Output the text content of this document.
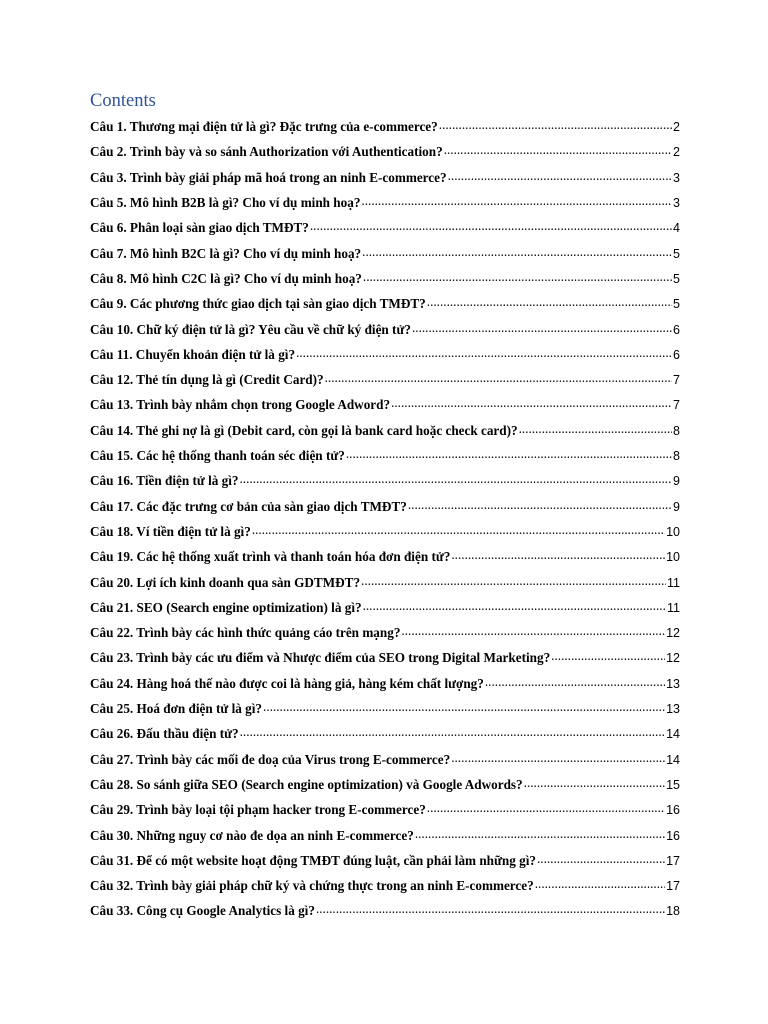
Contents
Câu 1. Thương mại điện tử là gì? Đặc trưng của e-commerce? .....	2
Câu 2. Trình bày và so sánh Authorization với Authentication? .....	2
Câu 3. Trình bày giải pháp mã hoá trong an ninh E-commerce? .....	3
Câu 5. Mô hình B2B là gì? Cho ví dụ minh hoạ? .....	3
Câu 6. Phân loại sàn giao dịch TMĐT? .....	4
Câu 7. Mô hình B2C là gì? Cho ví dụ minh hoạ? .....	5
Câu 8. Mô hình C2C là gì? Cho ví dụ minh hoạ? .....	5
Câu 9. Các phương thức giao dịch tại sàn giao dịch TMĐT? .....	5
Câu 10. Chữ ký điện tử là gì? Yêu cầu về chữ ký điện tử? .....	6
Câu 11. Chuyển khoản điện tử là gì? .....	6
Câu 12. Thẻ tín dụng là gì (Credit Card)? .....	7
Câu 13. Trình bày nhắm chọn trong Google Adword? .....	7
Câu 14. Thẻ ghi nợ là gì (Debit card, còn gọi là bank card hoặc check card)? .....	8
Câu 15. Các hệ thống thanh toán séc điện tử? .....	8
Câu 16. Tiền điện tử là gì? .....	9
Câu 17. Các đặc trưng cơ bản của sàn giao dịch TMĐT? .....	9
Câu 18. Ví tiền điện tử là gì? .....	10
Câu 19. Các hệ thống xuất trình và thanh toán hóa đơn điện tử? .....	10
Câu 20. Lợi ích kinh doanh qua sàn GDTMĐT? .....	11
Câu 21. SEO (Search engine optimization) là gì? .....	11
Câu 22. Trình bày các hình thức quảng cáo trên mạng? .....	12
Câu 23. Trình bày các ưu điểm và Nhược điểm của SEO trong Digital Marketing? .....	12
Câu 24. Hàng hoá thế nào được coi là hàng giả, hàng kém chất lượng? .....	13
Câu 25. Hoá đơn điện tử là gì? .....	13
Câu 26. Đấu thầu điện tử? .....	14
Câu 27. Trình bày các mối đe doạ của Virus trong E-commerce? .....	14
Câu 28. So sánh giữa SEO (Search engine optimization) và Google Adwords? .....	15
Câu 29. Trình bày loại tội phạm hacker trong E-commerce? .....	16
Câu 30. Những nguy cơ nào đe dọa an ninh E-commerce? .....	16
Câu 31. Để có một website hoạt động TMĐT đúng luật, cần phải làm những gì? .....	17
Câu 32. Trình bày giải pháp chữ ký và chứng thực trong an ninh E-commerce? .....	17
Câu 33. Công cụ Google Analytics là gì? .....	18
